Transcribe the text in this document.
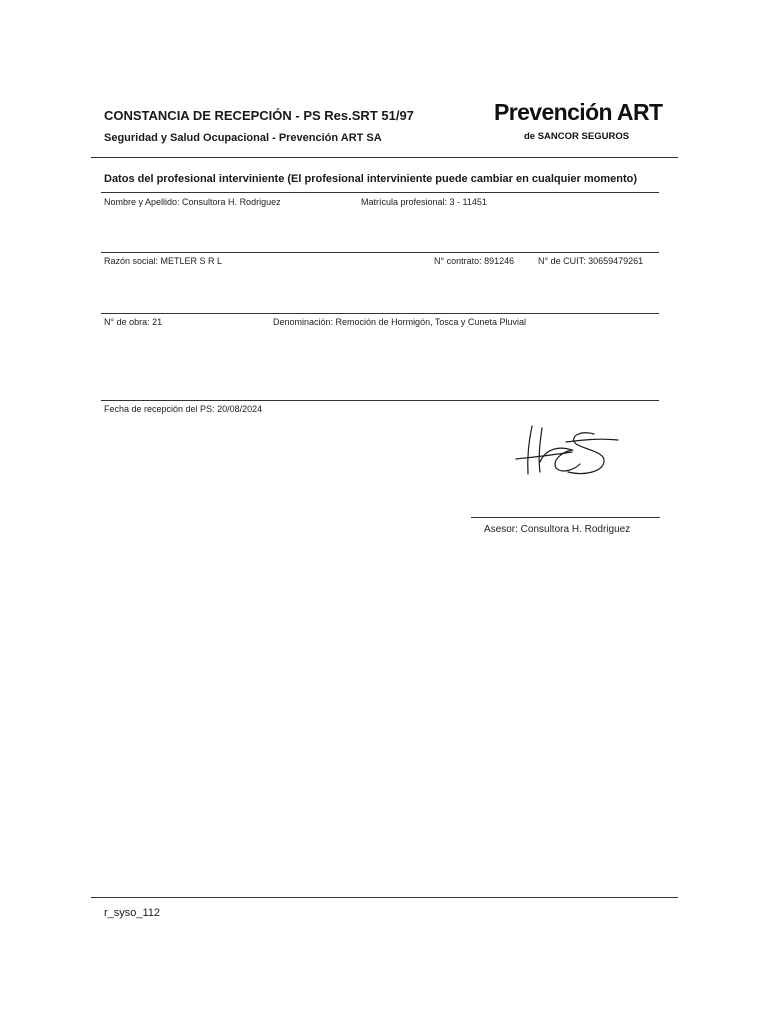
CONSTANCIA DE RECEPCIÓN - PS Res.SRT 51/97
Seguridad y Salud Ocupacional - Prevención ART SA
Prevención ART
de SANCOR SEGUROS
Datos del profesional interviniente (El profesional interviniente puede cambiar en cualquier momento)
Nombre y Apellido: Consultora H. Rodriguez	Matrícula profesional: 3 - 11451
Razón social: METLER S R L	N° contrato: 891246	N° de CUIT: 30659479261
N° de obra: 21	Denominación: Remoción de Hormigón, Tosca y Cuneta Pluvial
Fecha de recepción del PS: 20/08/2024
Asesor: Consultora H. Rodriguez
r_syso_112
